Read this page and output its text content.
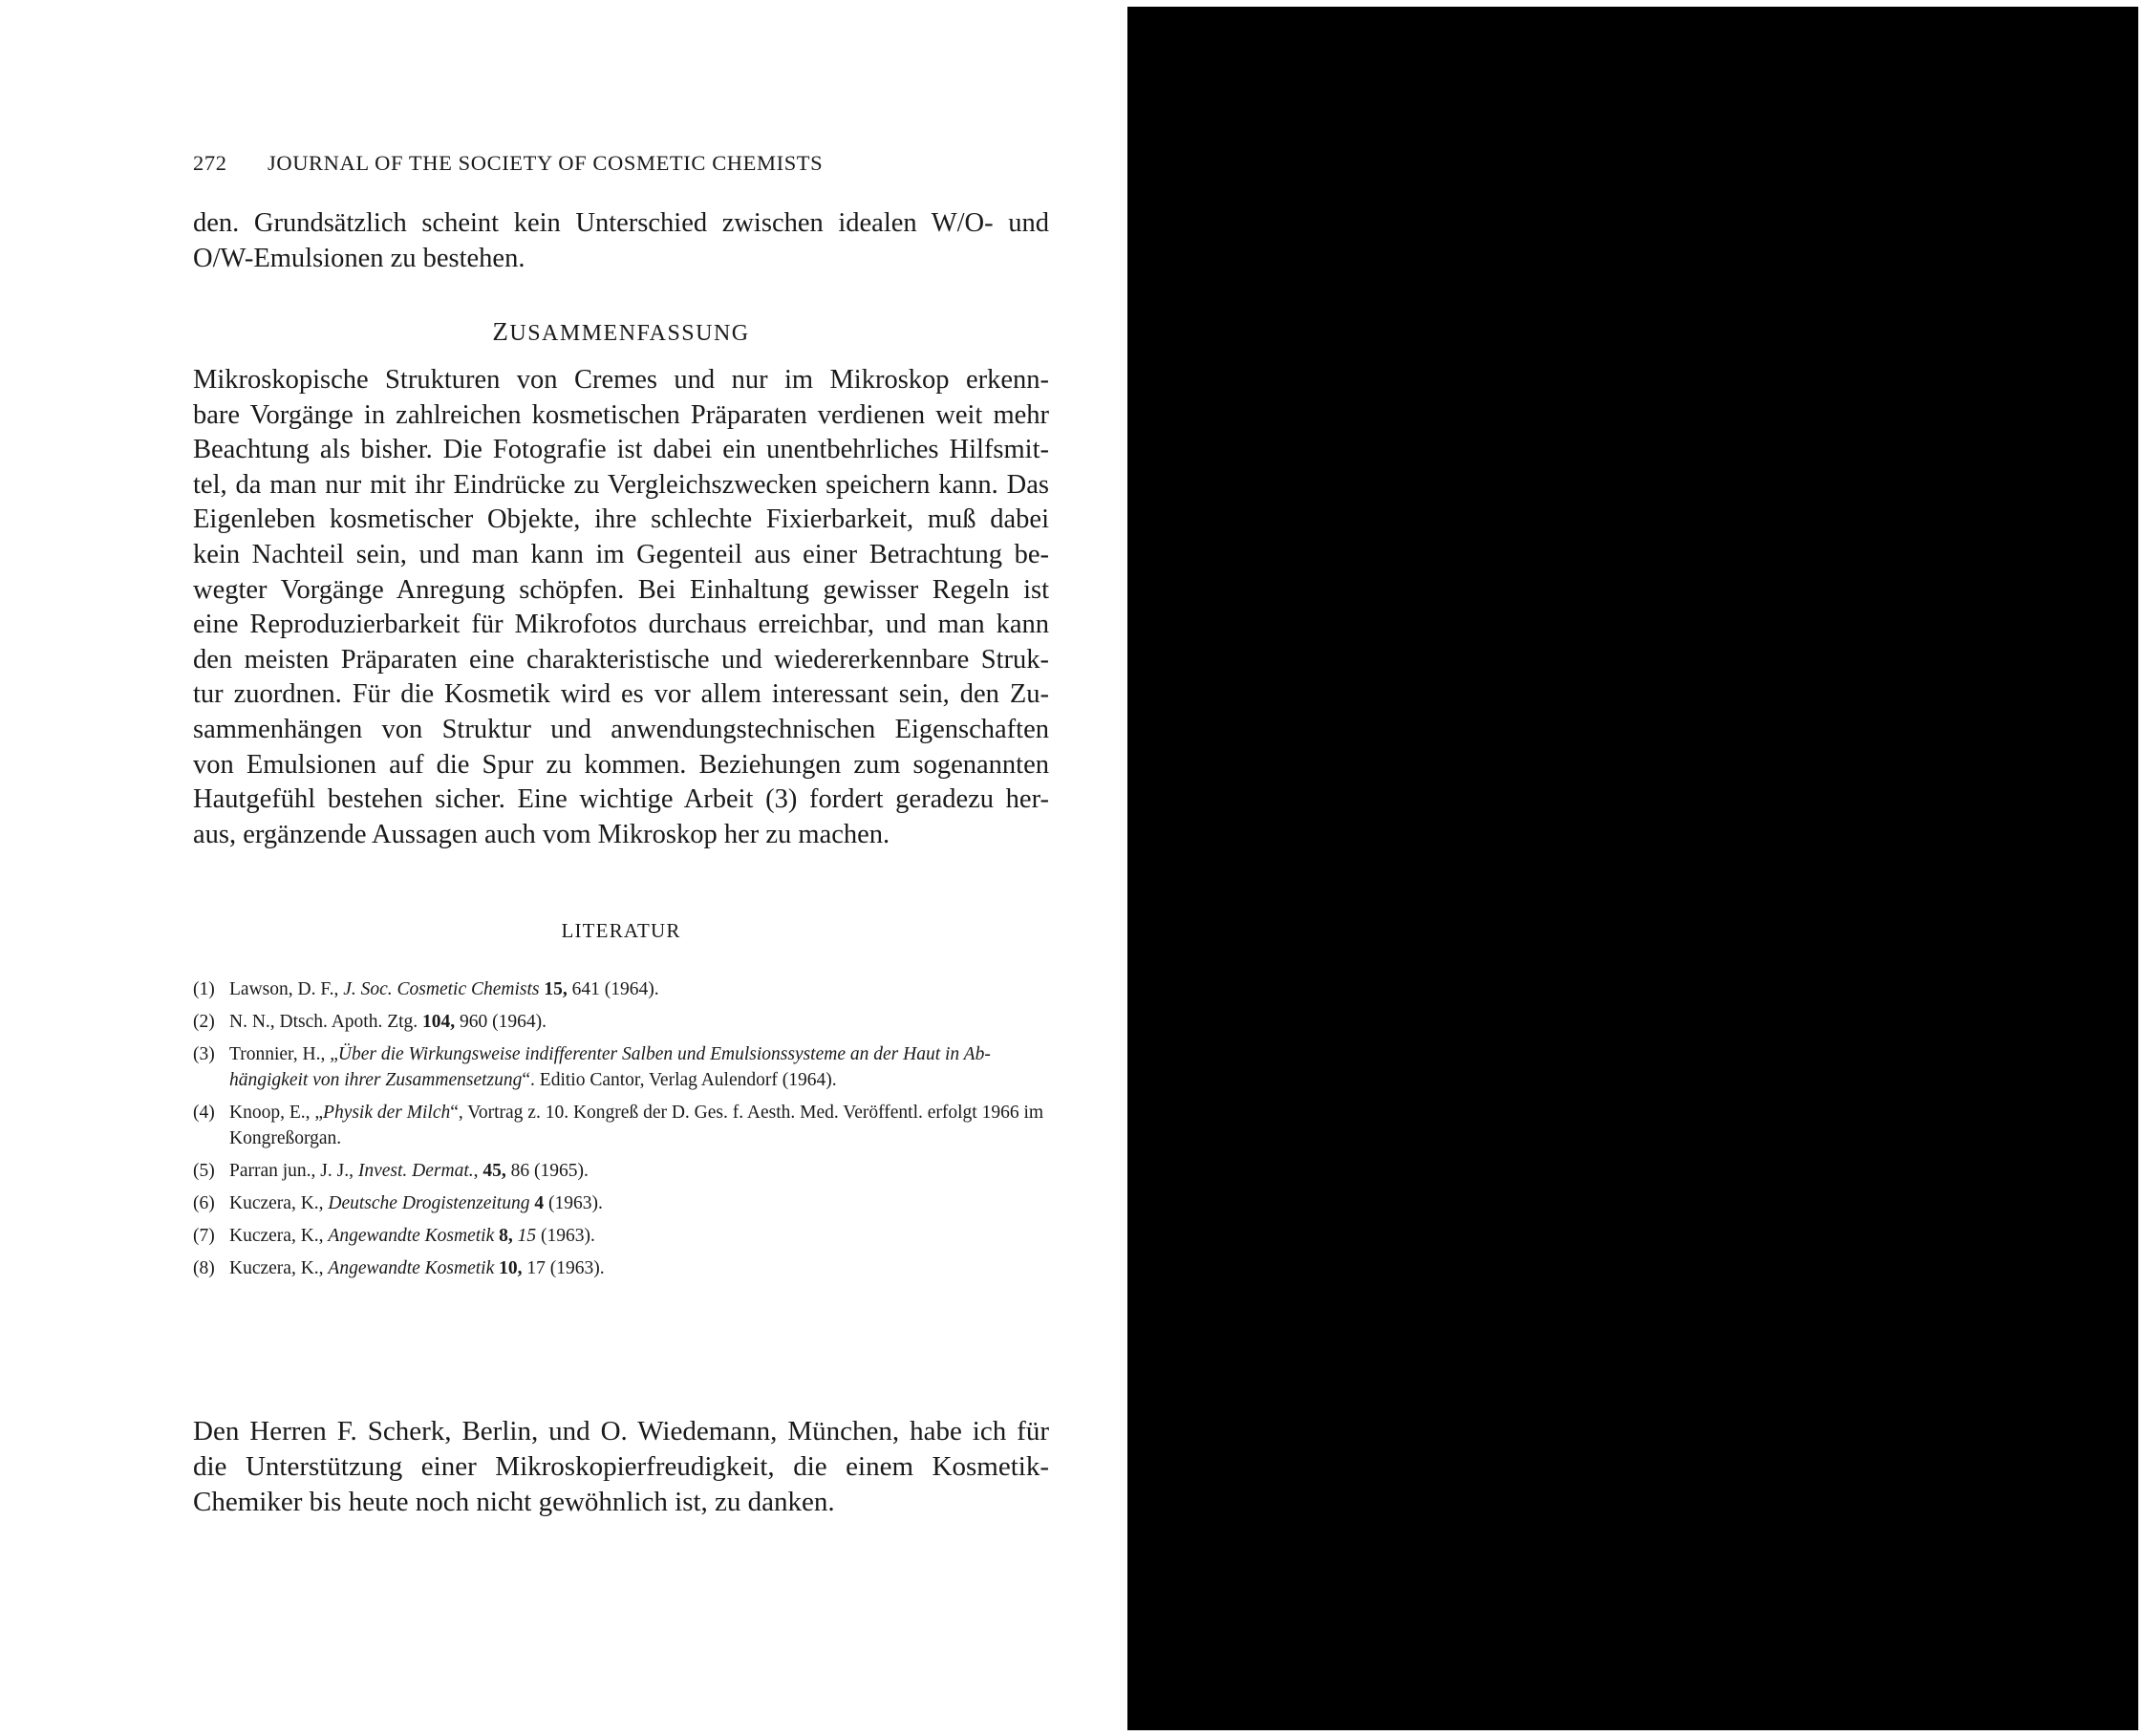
272 JOURNAL OF THE SOCIETY OF COSMETIC CHEMISTS
den. Grundsätzlich scheint kein Unterschied zwischen idealen W/O- und
O/W-Emulsionen zu bestehen.
ZUSAMMENFASSUNG
Mikroskopische Strukturen von Cremes und nur im Mikroskop erkenn-
bare Vorgänge in zahlreichen kosmetischen Präparaten verdienen weit mehr
Beachtung als bisher. Die Fotografie ist dabei ein unentbehrliches Hilfsmit-
tel, da man nur mit ihr Eindrücke zu Vergleichszwecken speichern kann. Das
Eigenleben kosmetischer Objekte, ihre schlechte Fixierbarkeit, muß dabei
kein Nachteil sein, und man kann im Gegenteil aus einer Betrachtung be-
wegter Vorgänge Anregung schöpfen. Bei Einhaltung gewisser Regeln ist
eine Reproduzierbarkeit für Mikrofotos durchaus erreichbar, und man kann
den meisten Präparaten eine charakteristische und wiedererkennbare Struk-
tur zuordnen. Für die Kosmetik wird es vor allem interessant sein, den Zu-
sammenhängen von Struktur und anwendungstechnischen Eigenschaften
von Emulsionen auf die Spur zu kommen. Beziehungen zum sogenannten
Hautgefühl bestehen sicher. Eine wichtige Arbeit (3) fordert geradezu her-
aus, ergänzende Aussagen auch vom Mikroskop her zu machen.
LITERATUR
(1) Lawson, D. F., J. Soc. Cosmetic Chemists 15, 641 (1964).
(2) N. N., Dtsch. Apoth. Ztg. 104, 960 (1964).
(3) Tronnier, H., „Über die Wirkungsweise indifferenter Salben und Emulsionssysteme an der Haut in Ab-hängigkeit von ihrer Zusammensetzung“. Editio Cantor, Verlag Aulendorf (1964).
(4) Knoop, E., „Physik der Milch“, Vortrag z. 10. Kongreß der D. Ges. f. Aesth. Med. Veröffentl. erfolgt 1966 im Kongreßorgan.
(5) Parran jun., J. J., Invest. Dermat., 45, 86 (1965).
(6) Kuczera, K., Deutsche Drogistenzeitung 4 (1963).
(7) Kuczera, K., Angewandte Kosmetik 8, 15 (1963).
(8) Kuczera, K., Angewandte Kosmetik 10, 17 (1963).
Den Herren F. Scherk, Berlin, und O. Wiedemann, München, habe ich für
die Unterstützung einer Mikroskopierfreudigkeit, die einem Kosmetik-
Chemiker bis heute noch nicht gewöhnlich ist, zu danken.
